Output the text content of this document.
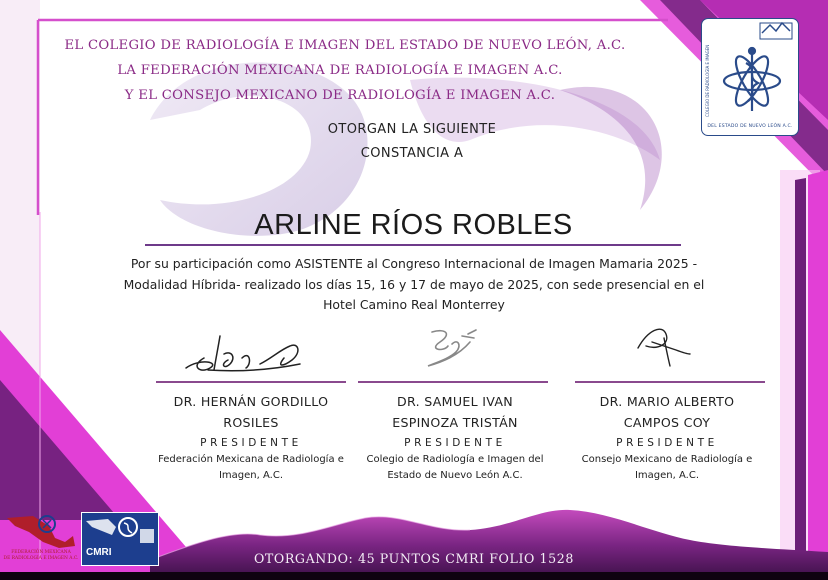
EL COLEGIO DE RADIOLOGÍA E IMAGEN DEL ESTADO DE NUEVO LEÓN, A.C.
LA FEDERACIÓN MEXICANA DE RADIOLOGÍA E IMAGEN A.C.
Y EL CONSEJO MEXICANO DE RADIOLOGÍA E IMAGEN A.C.	COLEGIO DE RADIOLOGÍA E IMAGEN
DEL ESTADO DE NUEVO LEÓN A.C.
OTORGAN LA SIGUIENTE
CONSTANCIA A
ARLINE RÍOS ROBLES
Por su participación como ASISTENTE al Congreso Internacional de Imagen Mamaria 2025 - Modalidad Híbrida- realizado los días 15, 16 y 17 de mayo de 2025, con sede presencial en el Hotel Camino Real Monterrey
DR. HERNÁN GORDILLO
ROSILES
PRESIDENTE
Federación Mexicana de Radiología e
Imagen, A.C.
DR. SAMUEL IVAN
ESPINOZA TRISTÁN
PRESIDENTE
Colegio de Radiología e Imagen del
Estado de Nuevo León A.C.
DR. MARIO ALBERTO
CAMPOS COY
PRESIDENTE
Consejo Mexicano de Radiología e
Imagen, A.C.
FEDERACIÓN MEXICANA
DE RADIOLOGÍA E IMAGEN A.C.
CMRI	OTORGANDO: 45 PUNTOS CMRI FOLIO 1528
